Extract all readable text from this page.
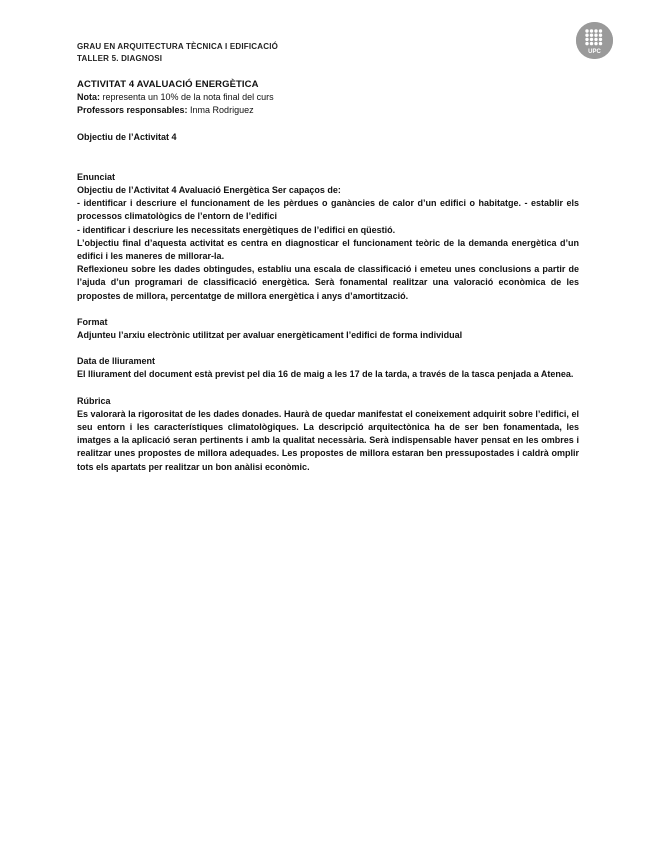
GRAU EN ARQUITECTURA TÈCNICA I EDIFICACIÓ
TALLER 5. DIAGNOSI
UPC

ACTIVITAT 4 AVALUACIÓ ENERGÈTICA

Nota: representa un 10% de la nota final del curs

Professors responsables: Inma Rodriguez

Objectiu de l’Activitat 4

Enunciat

Objectiu de l’Activitat 4 Avaluació Energètica Ser capaços de:

- identificar i descriure el funcionament de les pèrdues o ganàncies de calor d’un edifici o habitatge. - establir els processos climatològics de l’entorn de l’edifici

- identificar i descriure les necessitats energètiques de l’edifici en qüestió.

L’objectiu final d’aquesta activitat es centra en diagnosticar el funcionament teòric de la demanda energètica d’un edifici i les maneres de millorar-la.

Reflexioneu sobre les dades obtingudes, establiu una escala de classificació i emeteu unes conclusions a partir de l’ajuda d’un programari de classificació energètica. Serà fonamental realitzar una valoració econòmica de les propostes de millora, percentatge de millora energètica i anys d’amortització.

Format

Adjunteu l’arxiu electrònic utilitzat per avaluar energèticament l’edifici de forma individual

Data de lliurament

El lliurament del document està previst pel dia 16 de maig a les 17 de la tarda, a través de la tasca penjada a Atenea.

Rúbrica

Es valorarà la rigorositat de les dades donades. Haurà de quedar manifestat el coneixement adquirit sobre l’edifici, el seu entorn i les característiques climatològiques. La descripció arquitectònica ha de ser ben fonamentada, les imatges a la aplicació seran pertinents i amb la qualitat necessària. Serà indispensable haver pensat en les ombres i realitzar unes propostes de millora adequades. Les propostes de millora estaran ben pressupostades i caldrà omplir tots els apartats per realitzar un bon anàlisi econòmic.
